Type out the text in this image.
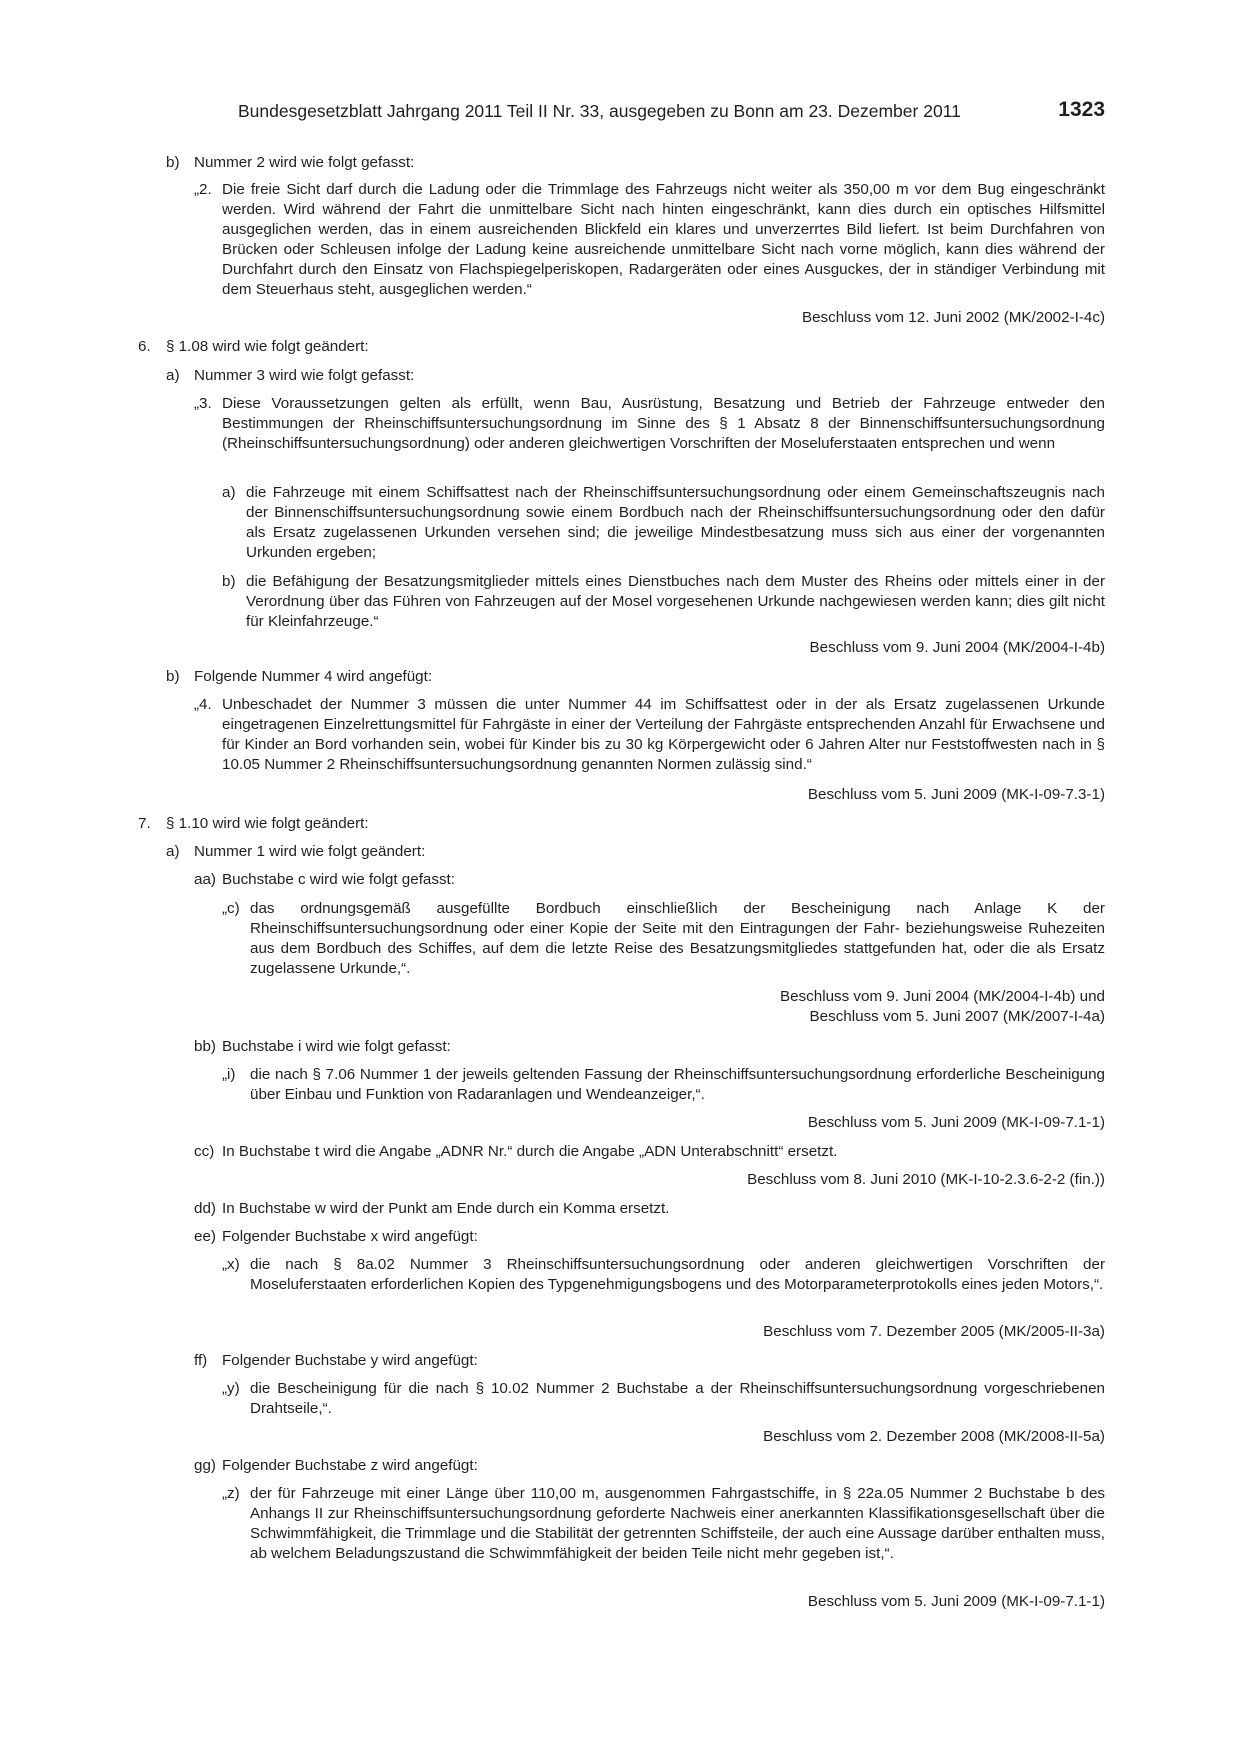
Bundesgesetzblatt Jahrgang 2011 Teil II Nr. 33, ausgegeben zu Bonn am 23. Dezember 2011	1323
b) Nummer 2 wird wie folgt gefasst:
„2. Die freie Sicht darf durch die Ladung oder die Trimmlage des Fahrzeugs nicht weiter als 350,00 m vor dem Bug eingeschränkt werden. Wird während der Fahrt die unmittelbare Sicht nach hinten eingeschränkt, kann dies durch ein optisches Hilfsmittel ausgeglichen werden, das in einem ausreichenden Blickfeld ein klares und unverzerrtes Bild liefert. Ist beim Durchfahren von Brücken oder Schleusen infolge der Ladung keine ausreichende unmittelbare Sicht nach vorne möglich, kann dies während der Durchfahrt durch den Einsatz von Flachspiegelperiskopen, Radargeräten oder eines Ausguckes, der in ständiger Verbindung mit dem Steuerhaus steht, ausgeglichen werden.“
Beschluss vom 12. Juni 2002 (MK/2002-I-4c)
6. § 1.08 wird wie folgt geändert:
a) Nummer 3 wird wie folgt gefasst:
„3. Diese Voraussetzungen gelten als erfüllt, wenn Bau, Ausrüstung, Besatzung und Betrieb der Fahrzeuge entweder den Bestimmungen der Rheinschiffsuntersuchungsordnung im Sinne des § 1 Absatz 8 der Binnenschiffsuntersuchungsordnung (Rheinschiffsuntersuchungsordnung) oder anderen gleichwertigen Vorschriften der Moseluferstaaten entsprechen und wenn
a) die Fahrzeuge mit einem Schiffsattest nach der Rheinschiffsuntersuchungsordnung oder einem Gemeinschaftszeugnis nach der Binnenschiffsuntersuchungsordnung sowie einem Bordbuch nach der Rheinschiffsuntersuchungsordnung oder den dafür als Ersatz zugelassenen Urkunden versehen sind; die jeweilige Mindestbesatzung muss sich aus einer der vorgenannten Urkunden ergeben;
b) die Befähigung der Besatzungsmitglieder mittels eines Dienstbuches nach dem Muster des Rheins oder mittels einer in der Verordnung über das Führen von Fahrzeugen auf der Mosel vorgesehenen Urkunde nachgewiesen werden kann; dies gilt nicht für Kleinfahrzeuge.“
Beschluss vom 9. Juni 2004 (MK/2004-I-4b)
b) Folgende Nummer 4 wird angefügt:
„4. Unbeschadet der Nummer 3 müssen die unter Nummer 44 im Schiffsattest oder in der als Ersatz zugelassenen Urkunde eingetragenen Einzelrettungsmittel für Fahrgäste in einer der Verteilung der Fahrgäste entsprechenden Anzahl für Erwachsene und für Kinder an Bord vorhanden sein, wobei für Kinder bis zu 30 kg Körpergewicht oder 6 Jahren Alter nur Feststoffwesten nach in § 10.05 Nummer 2 Rheinschiffsuntersuchungsordnung genannten Normen zulässig sind.“
Beschluss vom 5. Juni 2009 (MK-I-09-7.3-1)
7. § 1.10 wird wie folgt geändert:
a) Nummer 1 wird wie folgt geändert:
aa) Buchstabe c wird wie folgt gefasst:
„c) das ordnungsgemäß ausgefüllte Bordbuch einschließlich der Bescheinigung nach Anlage K der Rheinschiffsuntersuchungsordnung oder einer Kopie der Seite mit den Eintragungen der Fahr- beziehungsweise Ruhezeiten aus dem Bordbuch des Schiffes, auf dem die letzte Reise des Besatzungsmitgliedes stattgefunden hat, oder die als Ersatz zugelassene Urkunde,“.
Beschluss vom 9. Juni 2004 (MK/2004-I-4b) und
Beschluss vom 5. Juni 2007 (MK/2007-I-4a)
bb) Buchstabe i wird wie folgt gefasst:
„i) die nach § 7.06 Nummer 1 der jeweils geltenden Fassung der Rheinschiffsuntersuchungsordnung erforderliche Bescheinigung über Einbau und Funktion von Radaranlagen und Wendeanzeiger,“.
Beschluss vom 5. Juni 2009 (MK-I-09-7.1-1)
cc) In Buchstabe t wird die Angabe „ADNR Nr.“ durch die Angabe „ADN Unterabschnitt“ ersetzt.
Beschluss vom 8. Juni 2010 (MK-I-10-2.3.6-2-2 (fin.))
dd) In Buchstabe w wird der Punkt am Ende durch ein Komma ersetzt.
ee) Folgender Buchstabe x wird angefügt:
„x) die nach § 8a.02 Nummer 3 Rheinschiffsuntersuchungsordnung oder anderen gleichwertigen Vorschriften der Moseluferstaaten erforderlichen Kopien des Typgenehmigungsbogens und des Motorparameterprotokolls eines jeden Motors,“.
Beschluss vom 7. Dezember 2005 (MK/2005-II-3a)
ff) Folgender Buchstabe y wird angefügt:
„y) die Bescheinigung für die nach § 10.02 Nummer 2 Buchstabe a der Rheinschiffsuntersuchungsordnung vorgeschriebenen Drahtseile,“.
Beschluss vom 2. Dezember 2008 (MK/2008-II-5a)
gg) Folgender Buchstabe z wird angefügt:
„z) der für Fahrzeuge mit einer Länge über 110,00 m, ausgenommen Fahrgastschiffe, in § 22a.05 Nummer 2 Buchstabe b des Anhangs II zur Rheinschiffsuntersuchungsordnung geforderte Nachweis einer anerkannten Klassifikationsgesellschaft über die Schwimmfähigkeit, die Trimmlage und die Stabilität der getrennten Schiffsteile, der auch eine Aussage darüber enthalten muss, ab welchem Beladungszustand die Schwimmfähigkeit der beiden Teile nicht mehr gegeben ist,“.
Beschluss vom 5. Juni 2009 (MK-I-09-7.1-1)
